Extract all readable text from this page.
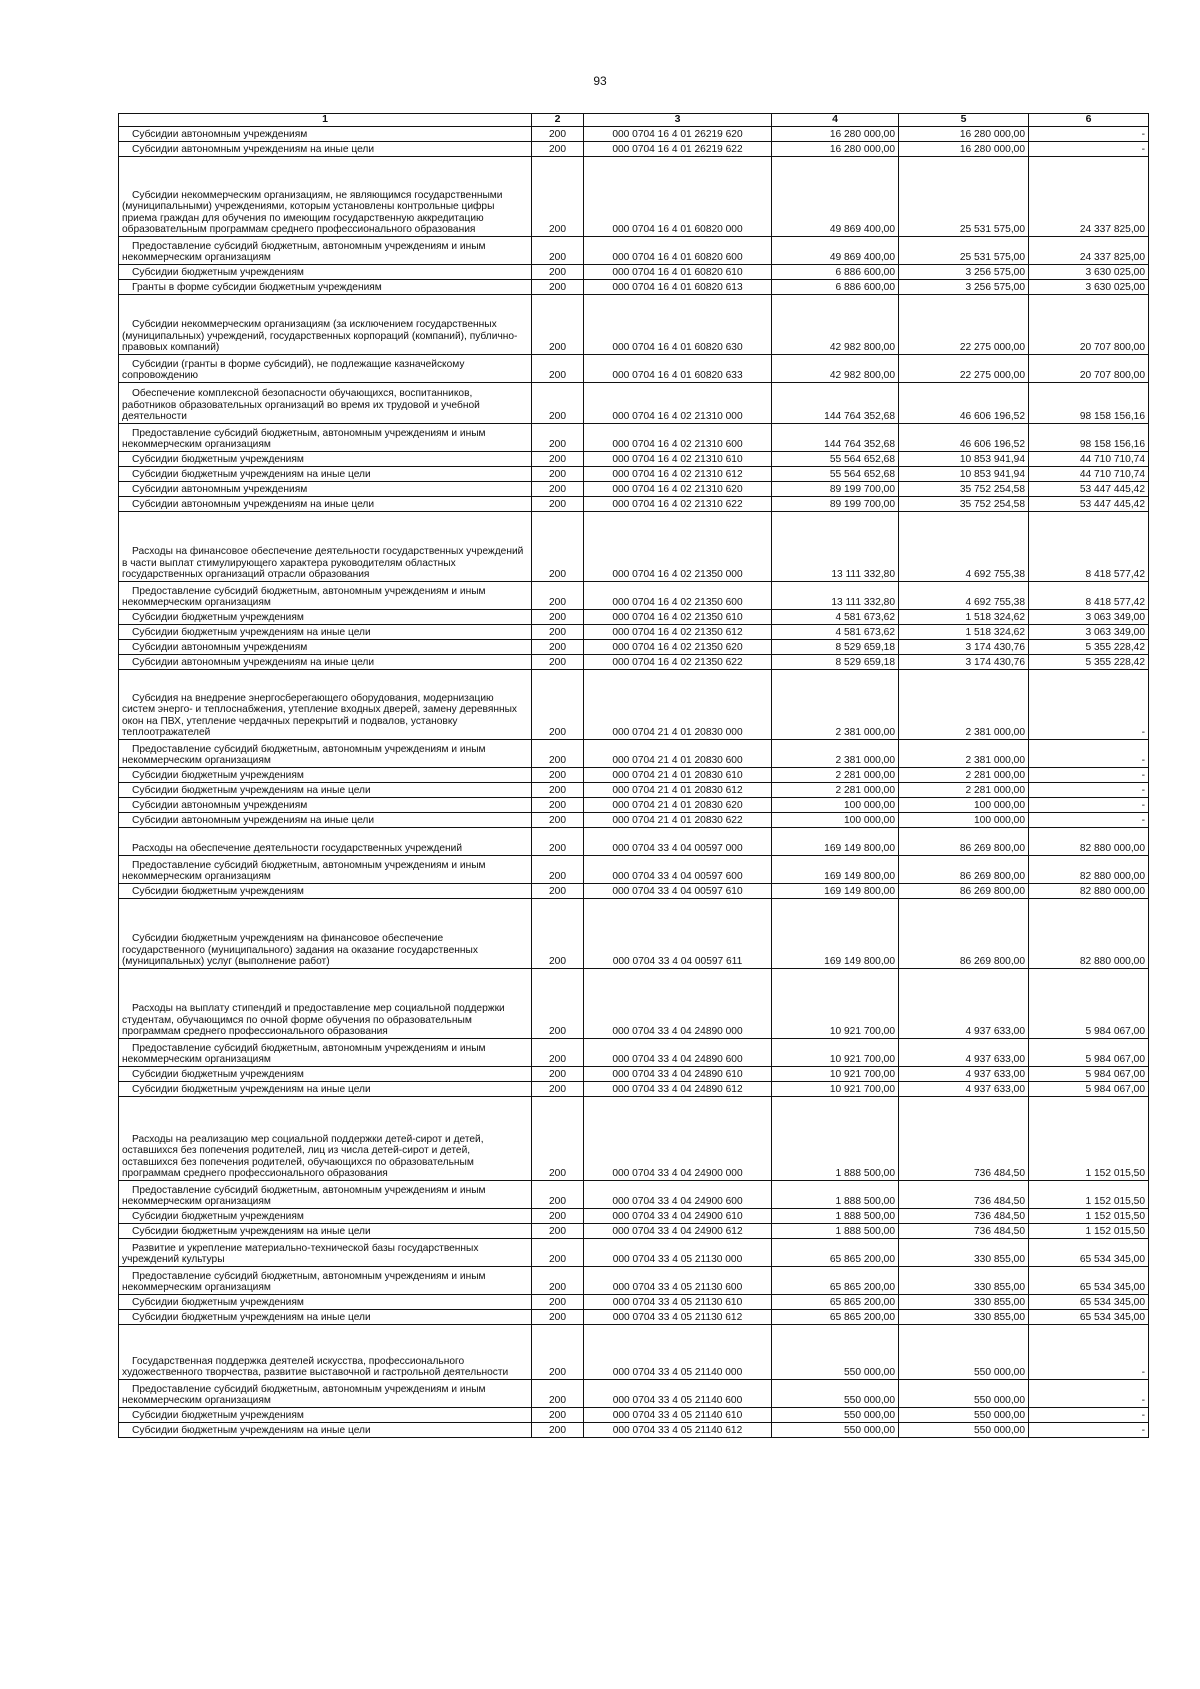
93
1	2	3	4	5	6

Субсидии автономным учреждениям	200	000 0704 16 4 01 26219 620	16 280 000,00	16 280 000,00	-

Субсидии автономным учреждениям на иные цели	200	000 0704 16 4 01 26219 622	16 280 000,00	16 280 000,00	-

Субсидии некоммерческим организациям, не являющимся государственными (муниципальными) учреждениями, которым установлены контрольные цифры приема граждан для обучения по имеющим государственную аккредитацию образовательным программам среднего профессионального образования	200	000 0704 16 4 01 60820 000	49 869 400,00	25 531 575,00	24 337 825,00

Предоставление субсидий бюджетным, автономным учреждениям и иным некоммерческим организациям	200	000 0704 16 4 01 60820 600	49 869 400,00	25 531 575,00	24 337 825,00

Субсидии бюджетным учреждениям	200	000 0704 16 4 01 60820 610	6 886 600,00	3 256 575,00	3 630 025,00

Гранты в форме субсидии бюджетным учреждениям	200	000 0704 16 4 01 60820 613	6 886 600,00	3 256 575,00	3 630 025,00

Субсидии некоммерческим организациям (за исключением государственных (муниципальных) учреждений, государственных корпораций (компаний), публично-правовых компаний)	200	000 0704 16 4 01 60820 630	42 982 800,00	22 275 000,00	20 707 800,00

Субсидии (гранты в форме субсидий), не подлежащие казначейскому сопровождению	200	000 0704 16 4 01 60820 633	42 982 800,00	22 275 000,00	20 707 800,00

Обеспечение комплексной безопасности обучающихся, воспитанников, работников образовательных организаций во время их трудовой и учебной деятельности	200	000 0704 16 4 02 21310 000	144 764 352,68	46 606 196,52	98 158 156,16

Предоставление субсидий бюджетным, автономным учреждениям и иным некоммерческим организациям	200	000 0704 16 4 02 21310 600	144 764 352,68	46 606 196,52	98 158 156,16

Субсидии бюджетным учреждениям	200	000 0704 16 4 02 21310 610	55 564 652,68	10 853 941,94	44 710 710,74

Субсидии бюджетным учреждениям на иные цели	200	000 0704 16 4 02 21310 612	55 564 652,68	10 853 941,94	44 710 710,74

Субсидии автономным учреждениям	200	000 0704 16 4 02 21310 620	89 199 700,00	35 752 254,58	53 447 445,42

Субсидии автономным учреждениям на иные цели	200	000 0704 16 4 02 21310 622	89 199 700,00	35 752 254,58	53 447 445,42

Расходы на финансовое обеспечение деятельности государственных учреждений в части выплат стимулирующего характера руководителям областных государственных организаций отрасли образования	200	000 0704 16 4 02 21350 000	13 111 332,80	4 692 755,38	8 418 577,42

Предоставление субсидий бюджетным, автономным учреждениям и иным некоммерческим организациям	200	000 0704 16 4 02 21350 600	13 111 332,80	4 692 755,38	8 418 577,42

Субсидии бюджетным учреждениям	200	000 0704 16 4 02 21350 610	4 581 673,62	1 518 324,62	3 063 349,00

Субсидии бюджетным учреждениям на иные цели	200	000 0704 16 4 02 21350 612	4 581 673,62	1 518 324,62	3 063 349,00

Субсидии автономным учреждениям	200	000 0704 16 4 02 21350 620	8 529 659,18	3 174 430,76	5 355 228,42

Субсидии автономным учреждениям на иные цели	200	000 0704 16 4 02 21350 622	8 529 659,18	3 174 430,76	5 355 228,42

Субсидия на внедрение энергосберегающего оборудования, модернизацию систем энерго- и теплоснабжения, утепление входных дверей, замену деревянных окон на ПВХ, утепление чердачных перекрытий и подвалов, установку теплоотражателей	200	000 0704 21 4 01 20830 000	2 381 000,00	2 381 000,00	-

Предоставление субсидий бюджетным, автономным учреждениям и иным некоммерческим организациям	200	000 0704 21 4 01 20830 600	2 381 000,00	2 381 000,00	-

Субсидии бюджетным учреждениям	200	000 0704 21 4 01 20830 610	2 281 000,00	2 281 000,00	-

Субсидии бюджетным учреждениям на иные цели	200	000 0704 21 4 01 20830 612	2 281 000,00	2 281 000,00	-

Субсидии автономным учреждениям	200	000 0704 21 4 01 20830 620	100 000,00	100 000,00	-

Субсидии автономным учреждениям на иные цели	200	000 0704 21 4 01 20830 622	100 000,00	100 000,00	-

Расходы на обеспечение деятельности государственных учреждений	200	000 0704 33 4 04 00597 000	169 149 800,00	86 269 800,00	82 880 000,00

Предоставление субсидий бюджетным, автономным учреждениям и иным некоммерческим организациям	200	000 0704 33 4 04 00597 600	169 149 800,00	86 269 800,00	82 880 000,00

Субсидии бюджетным учреждениям	200	000 0704 33 4 04 00597 610	169 149 800,00	86 269 800,00	82 880 000,00

Субсидии бюджетным учреждениям на финансовое обеспечение государственного (муниципального) задания на оказание государственных (муниципальных) услуг (выполнение работ)	200	000 0704 33 4 04 00597 611	169 149 800,00	86 269 800,00	82 880 000,00

Расходы на выплату стипендий и предоставление мер социальной поддержки студентам, обучающимся по очной форме обучения по образовательным программам среднего профессионального образования	200	000 0704 33 4 04 24890 000	10 921 700,00	4 937 633,00	5 984 067,00

Предоставление субсидий бюджетным, автономным учреждениям и иным некоммерческим организациям	200	000 0704 33 4 04 24890 600	10 921 700,00	4 937 633,00	5 984 067,00

Субсидии бюджетным учреждениям	200	000 0704 33 4 04 24890 610	10 921 700,00	4 937 633,00	5 984 067,00

Субсидии бюджетным учреждениям на иные цели	200	000 0704 33 4 04 24890 612	10 921 700,00	4 937 633,00	5 984 067,00

Расходы на реализацию мер социальной поддержки детей-сирот и детей, оставшихся без попечения родителей, лиц из числа детей-сирот и детей, оставшихся без попечения родителей, обучающихся по образовательным программам среднего профессионального образования	200	000 0704 33 4 04 24900 000	1 888 500,00	736 484,50	1 152 015,50

Предоставление субсидий бюджетным, автономным учреждениям и иным некоммерческим организациям	200	000 0704 33 4 04 24900 600	1 888 500,00	736 484,50	1 152 015,50

Субсидии бюджетным учреждениям	200	000 0704 33 4 04 24900 610	1 888 500,00	736 484,50	1 152 015,50

Субсидии бюджетным учреждениям на иные цели	200	000 0704 33 4 04 24900 612	1 888 500,00	736 484,50	1 152 015,50

Развитие и укрепление материально-технической базы государственных учреждений культуры	200	000 0704 33 4 05 21130 000	65 865 200,00	330 855,00	65 534 345,00

Предоставление субсидий бюджетным, автономным учреждениям и иным некоммерческим организациям	200	000 0704 33 4 05 21130 600	65 865 200,00	330 855,00	65 534 345,00

Субсидии бюджетным учреждениям	200	000 0704 33 4 05 21130 610	65 865 200,00	330 855,00	65 534 345,00

Субсидии бюджетным учреждениям на иные цели	200	000 0704 33 4 05 21130 612	65 865 200,00	330 855,00	65 534 345,00

Государственная поддержка деятелей искусства, профессионального художественного творчества, развитие выставочной и гастрольной деятельности	200	000 0704 33 4 05 21140 000	550 000,00	550 000,00	-

Предоставление субсидий бюджетным, автономным учреждениям и иным некоммерческим организациям	200	000 0704 33 4 05 21140 600	550 000,00	550 000,00	-

Субсидии бюджетным учреждениям	200	000 0704 33 4 05 21140 610	550 000,00	550 000,00	-

Субсидии бюджетным учреждениям на иные цели	200	000 0704 33 4 05 21140 612	550 000,00	550 000,00	-
